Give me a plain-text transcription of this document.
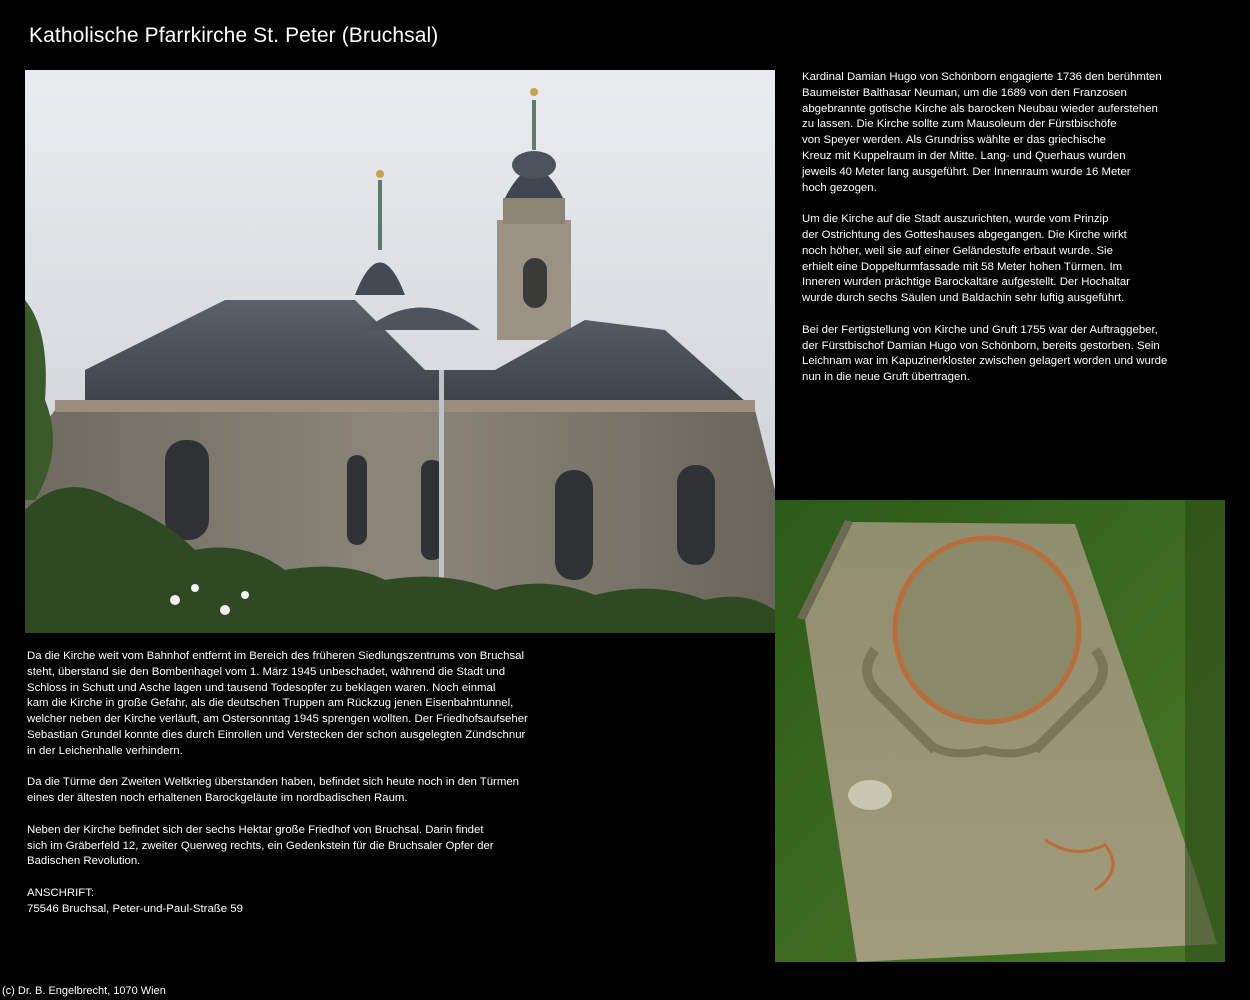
Katholische Pfarrkirche St. Peter (Bruchsal)

Kardinal Damian Hugo von Schönborn engagierte 1736 den berühmten
Baumeister Balthasar Neuman, um die 1689 von den Franzosen
abgebrannte gotische Kirche als barocken Neubau wieder auferstehen
zu lassen. Die Kirche sollte zum Mausoleum der Fürstbischöfe
von Speyer werden. Als Grundriss wählte er das griechische
Kreuz mit Kuppelraum in der Mitte. Lang- und Querhaus wurden
jeweils 40 Meter lang ausgeführt. Der Innenraum wurde 16 Meter
hoch gezogen.

Um die Kirche auf die Stadt auszurichten, wurde vom Prinzip
der Ostrichtung des Gotteshauses abgegangen. Die Kirche wirkt
noch höher, weil sie auf einer Geländestufe erbaut wurde. Sie
erhielt eine Doppelturmfassade mit 58 Meter hohen Türmen. Im
Inneren wurden prächtige Barockaltäre aufgestellt. Der Hochaltar
wurde durch sechs Säulen und Baldachin sehr luftig ausgeführt.

Bei der Fertigstellung von Kirche und Gruft 1755 war der Auftraggeber,
der Fürstbischof Damian Hugo von Schönborn, bereits gestorben. Sein
Leichnam war im Kapuzinerkloster zwischen gelagert worden und wurde
nun in die neue Gruft übertragen.

Da die Kirche weit vom Bahnhof entfernt im Bereich des früheren Siedlungszentrums von Bruchsal
steht, überstand sie den Bombenhagel vom 1. März 1945 unbeschadet, während die Stadt und
Schloss in Schutt und Asche lagen und tausend Todesopfer zu beklagen waren. Noch einmal
kam die Kirche in große Gefahr, als die deutschen Truppen am Rückzug jenen Eisenbahntunnel,
welcher neben der Kirche verläuft, am Ostersonntag 1945 sprengen wollten. Der Friedhofsaufseher
Sebastian Grundel konnte dies durch Einrollen und Verstecken der schon ausgelegten Zündschnur
in der Leichenhalle verhindern.

Da die Türme den Zweiten Weltkrieg überstanden haben, befindet sich heute noch in den Türmen
eines der ältesten noch erhaltenen Barockgeläute im nordbadischen Raum.

Neben der Kirche befindet sich der sechs Hektar große Friedhof von Bruchsal. Darin findet
sich im Gräberfeld 12, zweiter Querweg rechts, ein Gedenkstein für die Bruchsaler Opfer der
Badischen Revolution.

ANSCHRIFT:
75546 Bruchsal, Peter-und-Paul-Straße 59

(c) Dr. B. Engelbrecht, 1070 Wien
